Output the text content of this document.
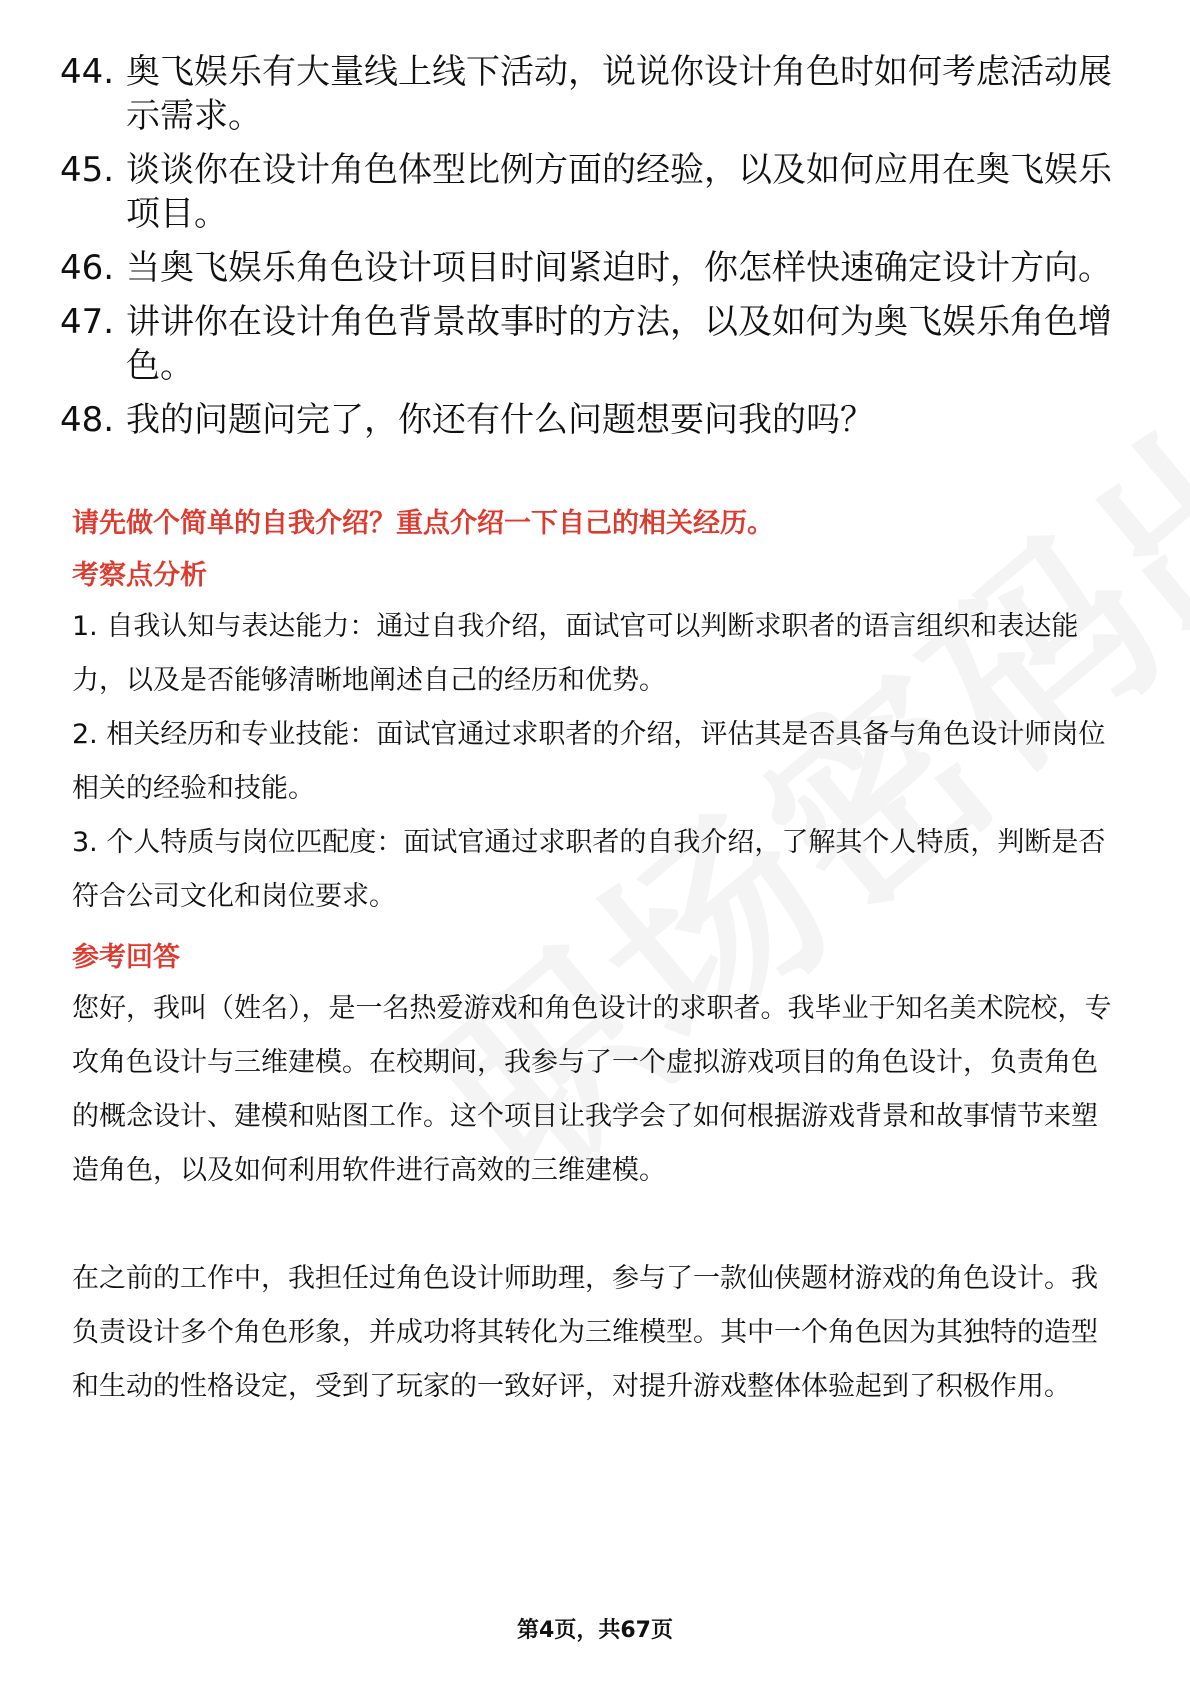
44. 奥飞娱乐有大量线上线下活动，说说你设计角色时如何考虑活动展示需求。
45. 谈谈你在设计角色体型比例方面的经验，以及如何应用在奥飞娱乐项目。
46. 当奥飞娱乐角色设计项目时间紧迫时，你怎样快速确定设计方向。
47. 讲讲你在设计角色背景故事时的方法，以及如何为奥飞娱乐角色增色。
48. 我的问题问完了，你还有什么问题想要问我的吗？
请先做个简单的自我介绍？重点介绍一下自己的相关经历。
考察点分析

1. 自我认知与表达能力：通过自我介绍，面试官可以判断求职者的语言组织和表达能力，以及是否能够清晰地阐述自己的经历和优势。

2. 相关经历和专业技能：面试官通过求职者的介绍，评估其是否具备与角色设计师岗位相关的经验和技能。

3. 个人特质与岗位匹配度：面试官通过求职者的自我介绍，了解其个人特质，判断是否符合公司文化和岗位要求。

参考回答

您好，我叫（姓名），是一名热爱游戏和角色设计的求职者。我毕业于知名美术院校，专攻角色设计与三维建模。在校期间，我参与了一个虚拟游戏项目的角色设计，负责角色的概念设计、建模和贴图工作。这个项目让我学会了如何根据游戏背景和故事情节来塑造角色，以及如何利用软件进行高效的三维建模。

在之前的工作中，我担任过角色设计师助理，参与了一款仙侠题材游戏的角色设计。我负责设计多个角色形象，并成功将其转化为三维模型。其中一个角色因为其独特的造型和生动的性格设定，受到了玩家的一致好评，对提升游戏整体体验起到了积极作用。

第4页，共67页
